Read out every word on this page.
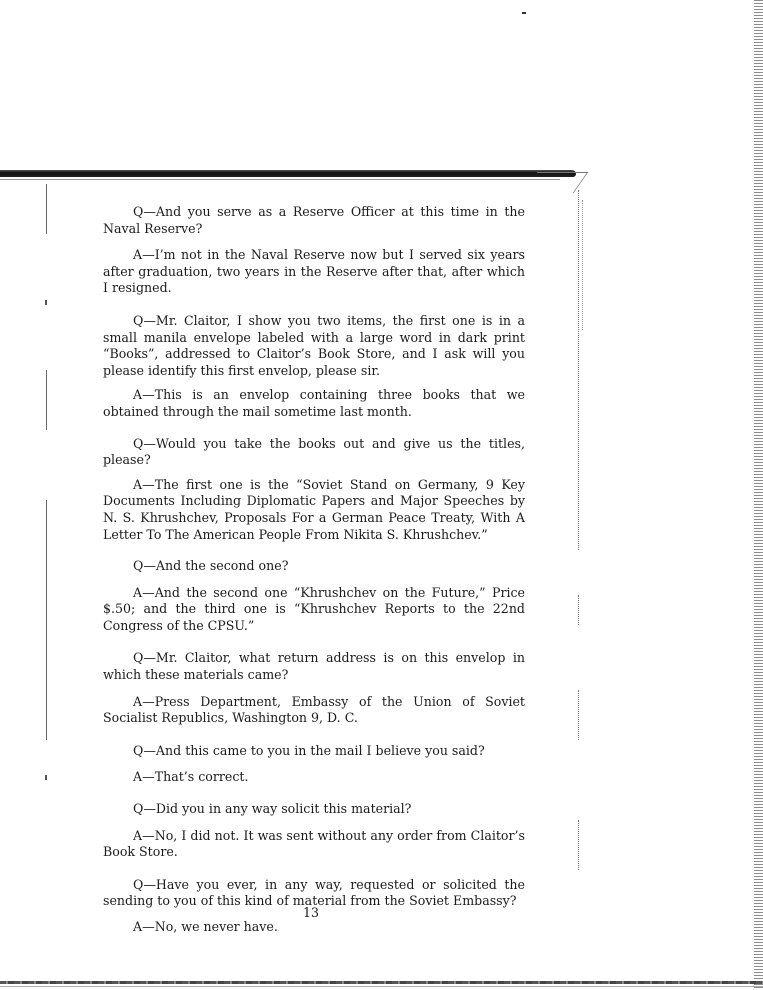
Q—And you serve as a Reserve Officer at this time in the Naval Reserve?

A—I’m not in the Naval Reserve now but I served six years after graduation, two years in the Reserve after that, after which I resigned.

Q—Mr. Claitor, I show you two items, the first one is in a small manila envelope labeled with a large word in dark print “Books”, addressed to Claitor’s Book Store, and I ask will you please identify this first envelop, please sir.

A—This is an envelop containing three books that we obtained through the mail sometime last month.

Q—Would you take the books out and give us the titles, please?

A—The first one is the “Soviet Stand on Germany, 9 Key Documents Including Diplomatic Papers and Major Speeches by N. S. Khrushchev, Proposals For a German Peace Treaty, With A Letter To The American People From Nikita S. Khrushchev.”

Q—And the second one?

A—And the second one “Khrushchev on the Future,” Price $.50; and the third one is “Khrushchev Reports to the 22nd Congress of the CPSU.”

Q—Mr. Claitor, what return address is on this envelop in which these materials came?

A—Press Department, Embassy of the Union of Soviet Socialist Republics, Washington 9, D. C.

Q—And this came to you in the mail I believe you said?

A—That’s correct.

Q—Did you in any way solicit this material?

A—No, I did not. It was sent without any order from Claitor’s Book Store.

Q—Have you ever, in any way, requested or solicited the sending to you of this kind of material from the Soviet Embassy?

A—No, we never have.

13
